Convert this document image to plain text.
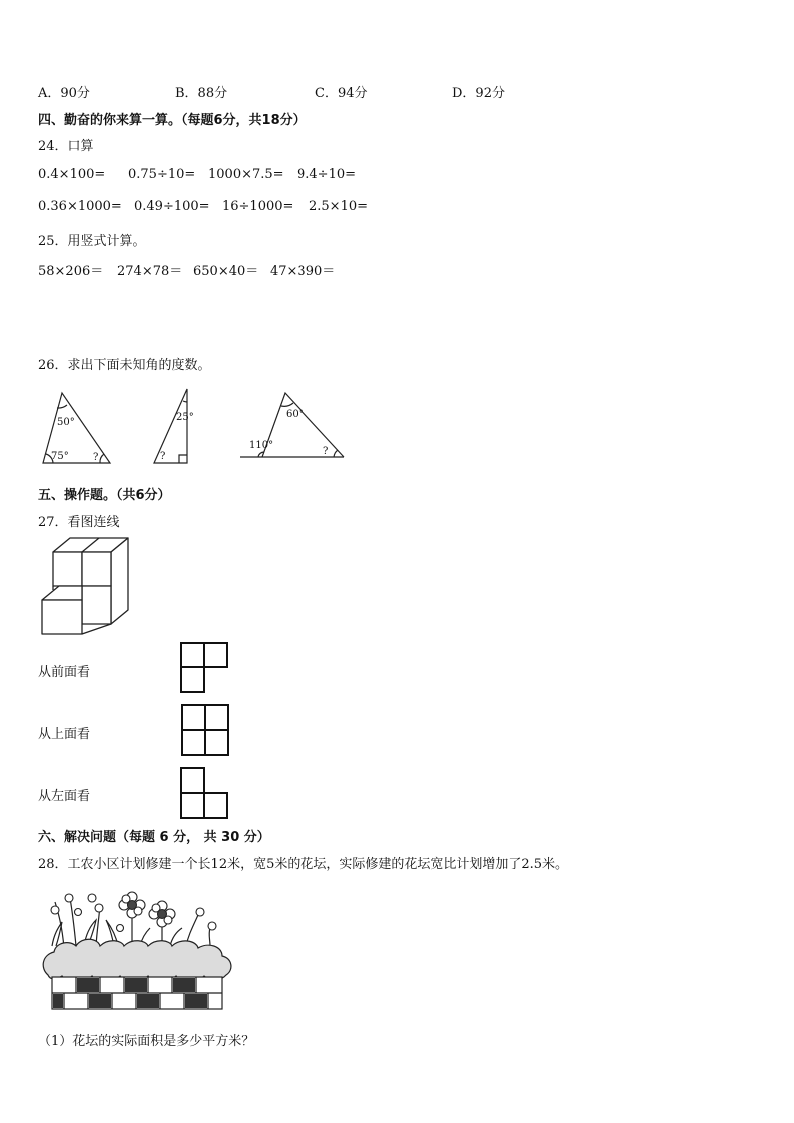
A．90分	B．88分	C．94分	D．92分
四、勤奋的你来算一算。（每题6分，共18分）
24．口算
0.4×100= 0.75÷10= 1000×7.5= 9.4÷10=
0.36×1000= 0.49÷100= 16÷1000= 2.5×10=
25．用竖式计算。
58×206＝ 274×78＝ 650×40＝ 47×390＝
26．求出下面未知角的度数。
50°
75° ?
25°
?
60°
110°
?
五、操作题。（共6分）
27．看图连线
从前面看
从上面看
从左面看
六、解决问题（每题 6 分， 共 30 分）
28．工农小区计划修建一个长12米，宽5米的花坛，实际修建的花坛宽比计划增加了2.5米。
（1）花坛的实际面积是多少平方米？
